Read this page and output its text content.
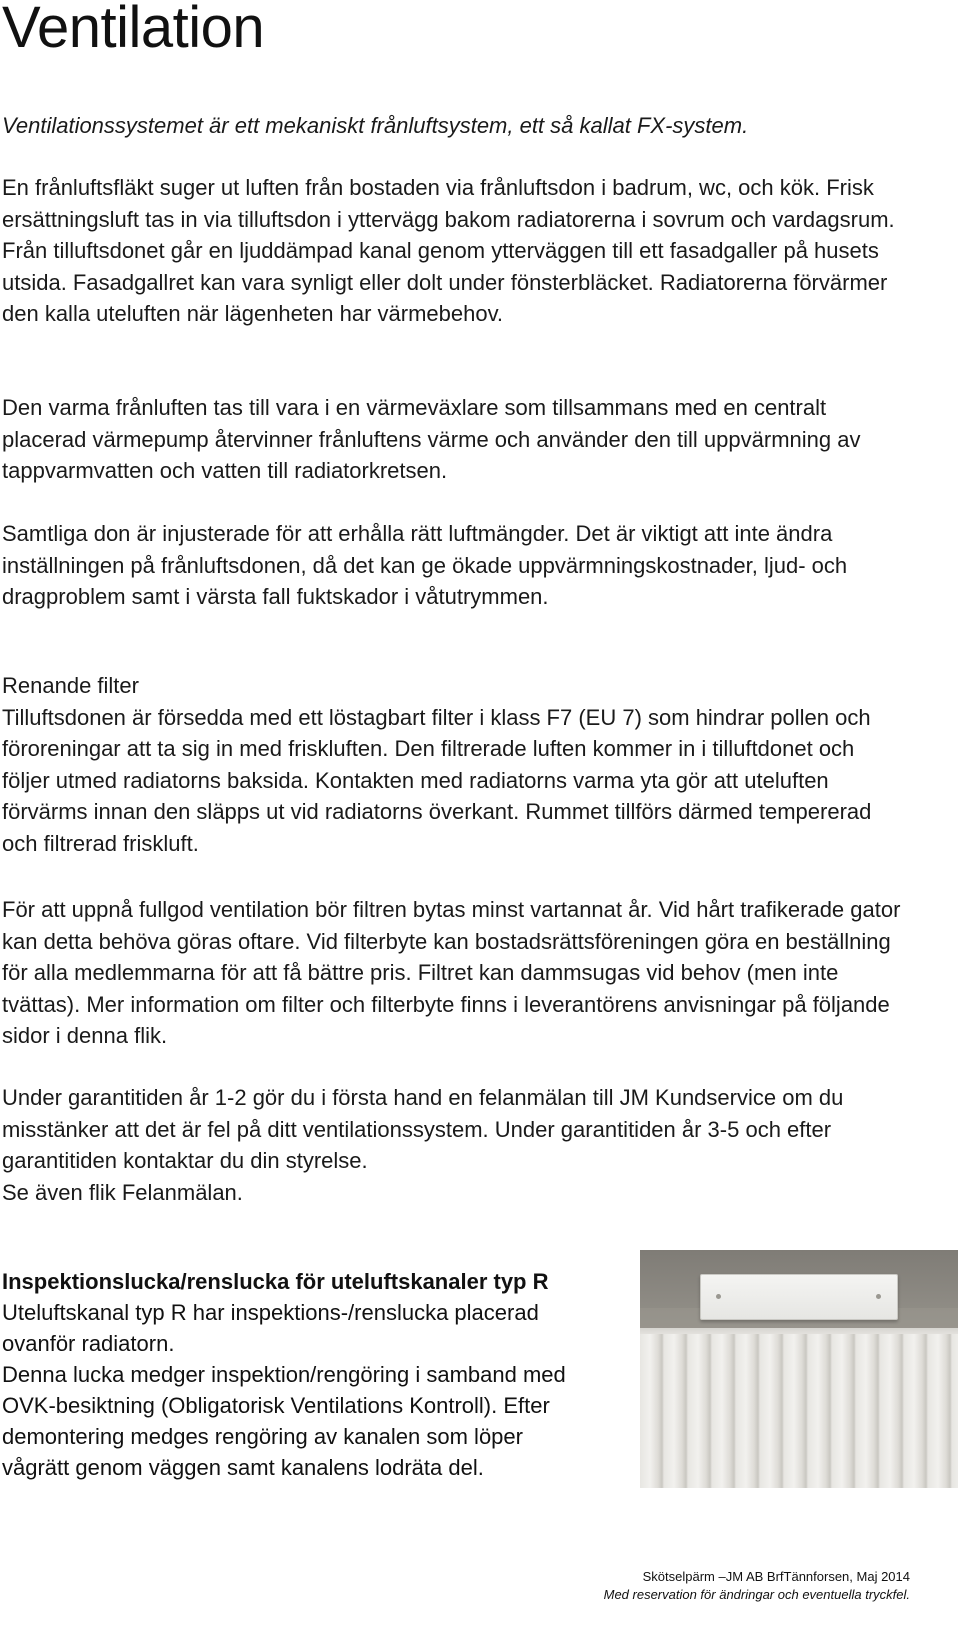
Ventilation

Ventilationssystemet är ett mekaniskt frånluftsystem, ett så kallat FX-system.

En frånluftsfläkt suger ut luften från bostaden via frånluftsdon i badrum, wc, och kök. Frisk ersättningsluft tas in via tilluftsdon i yttervägg bakom radiatorerna i sovrum och vardagsrum. Från tilluftsdonet går en ljuddämpad kanal genom ytterväggen till ett fasadgaller på husets utsida. Fasadgallret kan vara synligt eller dolt under fönsterbläcket. Radiatorerna förvärmer den kalla uteluften när lägenheten har värmebehov.

Den varma frånluften tas till vara i en värmeväxlare som tillsammans med en centralt placerad värmepump återvinner frånluftens värme och använder den till uppvärmning av tappvarmvatten och vatten till radiatorkretsen.

Samtliga don är injusterade för att erhålla rätt luftmängder. Det är viktigt att inte ändra inställningen på frånluftsdonen, då det kan ge ökade uppvärmningskostnader, ljud- och dragproblem samt i värsta fall fuktskador i våtutrymmen.

Renande filter
Tilluftsdonen är försedda med ett löstagbart filter i klass F7 (EU 7) som hindrar pollen och föroreningar att ta sig in med friskluften. Den filtrerade luften kommer in i tilluftdonet och följer utmed radiatorns baksida. Kontakten med radiatorns varma yta gör att uteluften förvärms innan den släpps ut vid radiatorns överkant. Rummet tillförs därmed tempererad och filtrerad friskluft.

För att uppnå fullgod ventilation bör filtren bytas minst vartannat år. Vid hårt trafikerade gator kan detta behöva göras oftare. Vid filterbyte kan bostadsrättsföreningen göra en beställning för alla medlemmarna för att få bättre pris. Filtret kan dammsugas vid behov (men inte tvättas). Mer information om filter och filterbyte finns i leverantörens anvisningar på följande sidor i denna flik.

Under garantitiden år 1-2 gör du i första hand en felanmälan till JM Kundservice om du misstänker att det är fel på ditt ventilationssystem. Under garantitiden år 3-5 och efter garantitiden kontaktar du din styrelse.
Se även flik Felanmälan.
Inspektionslucka/renslucka för uteluftskanaler typ R

Uteluftskanal typ R har inspektions-/renslucka placerad ovanför radiatorn.
Denna lucka medger inspektion/rengöring i samband med OVK-besiktning (Obligatorisk Ventilations Kontroll). Efter demontering medges rengöring av kanalen som löper vågrätt genom väggen samt kanalens lodräta del.

Skötselpärm –JM AB BrfTännforsen, Maj 2014
Med reservation för ändringar och eventuella tryckfel.
